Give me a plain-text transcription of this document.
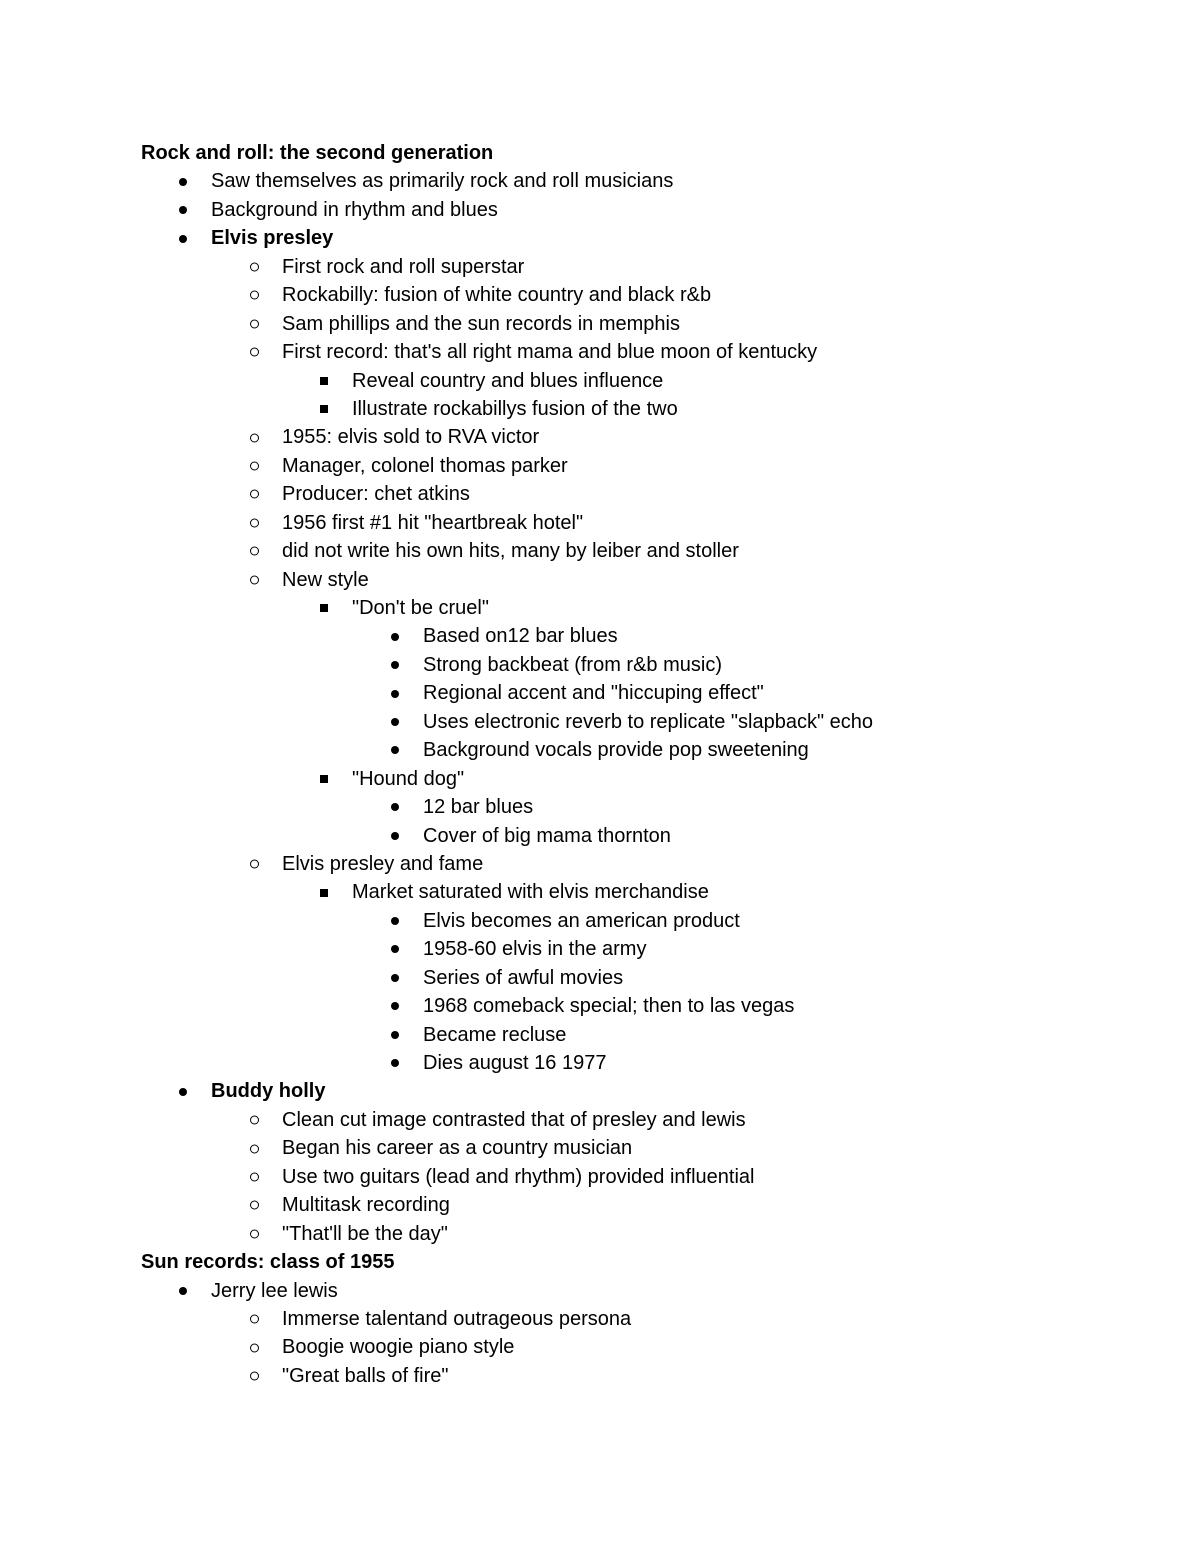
Rock and roll: the second generation
Saw themselves as primarily rock and roll musicians
Background in rhythm and blues
Elvis presley
First rock and roll superstar
Rockabilly: fusion of white country and black r&b
Sam phillips and the sun records in memphis
First record: that's all right mama and blue moon of kentucky
Reveal country and blues influence
Illustrate rockabillys fusion of the two
1955: elvis sold to RVA victor
Manager, colonel thomas parker
Producer: chet atkins
1956 first #1 hit "heartbreak hotel"
did not write his own hits, many by leiber and stoller
New style
"Don't be cruel"
Based on12 bar blues
Strong backbeat (from r&b music)
Regional accent and "hiccuping effect"
Uses electronic reverb to replicate "slapback" echo
Background vocals provide pop sweetening
"Hound dog"
12 bar blues
Cover of big mama thornton
Elvis presley and fame
Market saturated with elvis merchandise
Elvis becomes an american product
1958-60 elvis in the army
Series of awful movies
1968 comeback special; then to las vegas
Became recluse
Dies august 16 1977
Buddy holly
Clean cut image contrasted that of presley and lewis
Began his career as a country musician
Use two guitars (lead and rhythm) provided influential
Multitask recording
"That'll be the day"
Sun records: class of 1955
Jerry lee lewis
Immerse talentand outrageous persona
Boogie woogie piano style
"Great balls of fire"
